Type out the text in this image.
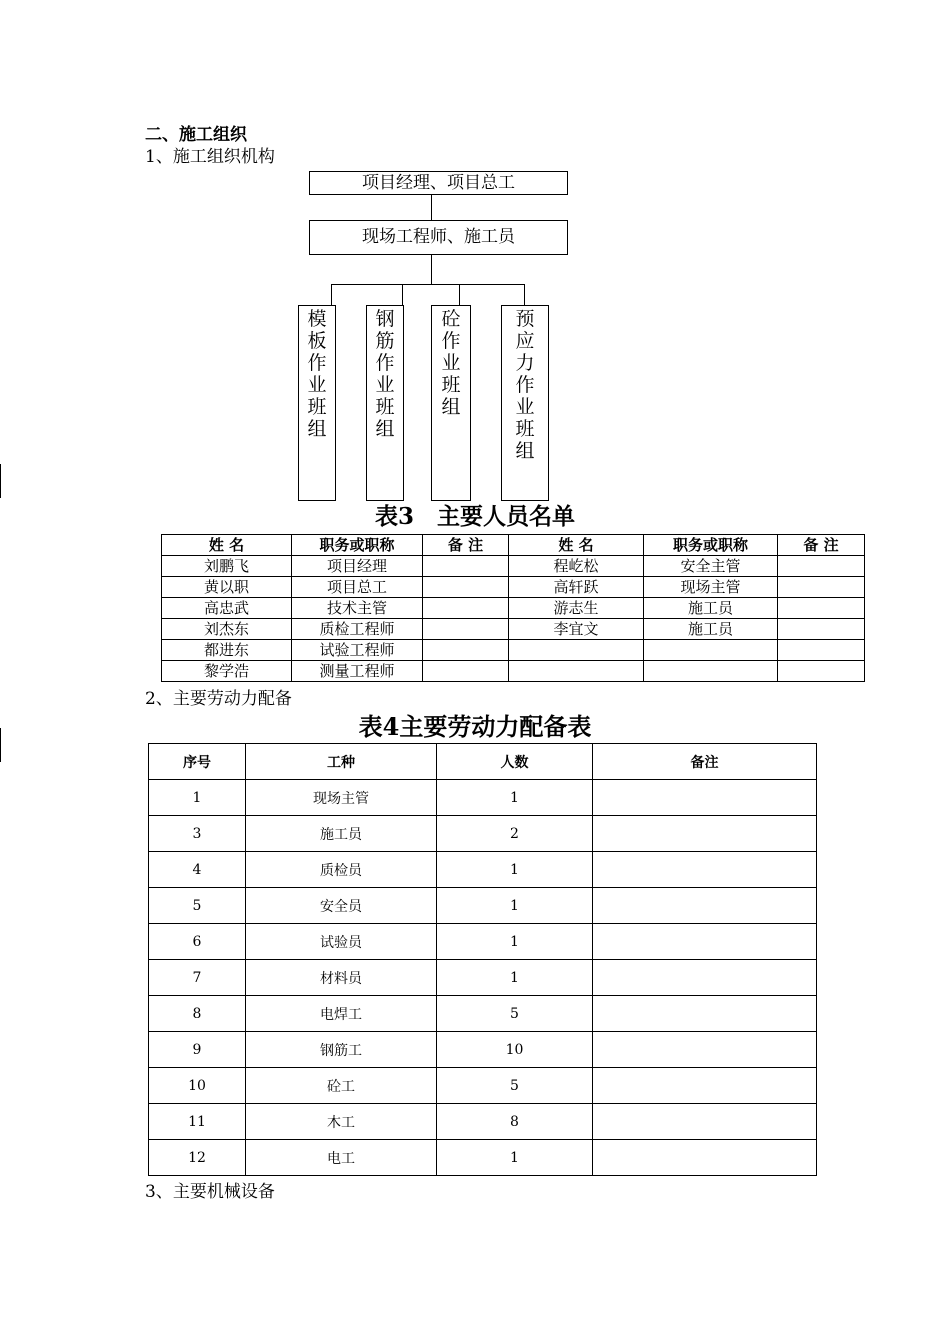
二、施工组织
1、施工组织机构
项目经理、项目总工
现场工程师、施工员
模板作业班组
钢筋作业班组
砼作业班组
预应力作业班组
表3　主要人员名单
姓 名	职务或职称	备 注	姓 名	职务或职称	备 注
刘鹏飞	项目经理		程屹松	安全主管	
黄以职	项目总工		高轩跃	现场主管	
高忠武	技术主管		游志生	施工员	
刘杰东	质检工程师		李宜文	施工员	
都进东	试验工程师				
黎学浩	测量工程师				
2、主要劳动力配备
表4主要劳动力配备表
序号	工种	人数	备注
1	现场主管	1	
3	施工员	2	
4	质检员	1	
5	安全员	1	
6	试验员	1	
7	材料员	1	
8	电焊工	5	
9	钢筋工	10	
10	砼工	5	
11	木工	8	
12	电工	1	
3、主要机械设备
